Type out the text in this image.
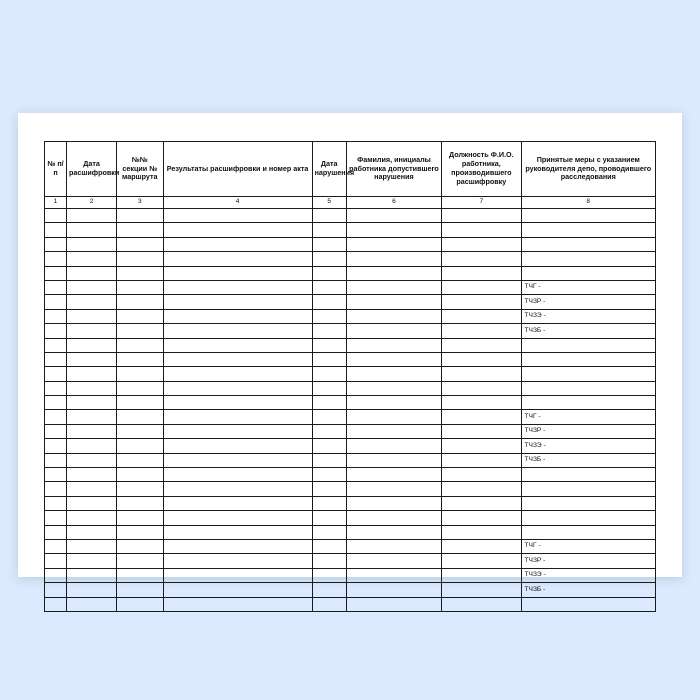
№ п/п	Дата расшифровки	№№ секции № маршрута	Результаты расшифровки и номер акта	Дата нарушения	Фамилия, инициалы работника допустившего нарушения	Должность Ф.И.О. работника, производившего расшифровку	Принятые меры с указанием руководителя депо, проводившего расследования
1	2	3	4	5	6	7	8

							ТЧГ -
							ТЧЗР -
							ТЧЗЭ -
							ТЧЗБ -

							ТЧГ -
							ТЧЗР -
							ТЧЗЭ -
							ТЧЗБ -

							ТЧГ -
							ТЧЗР -
							ТЧЗЭ -
							ТЧЗБ -
